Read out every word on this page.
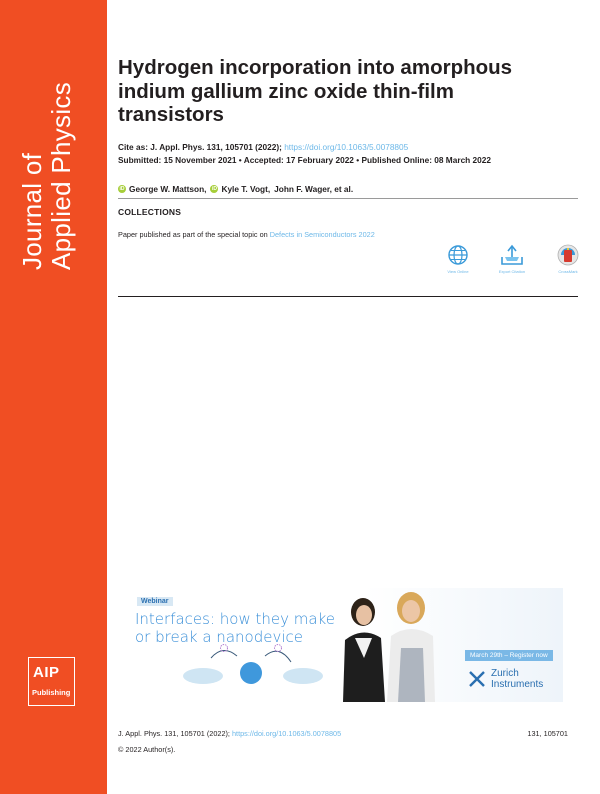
Journal of Applied Physics
AIP
Publishing
Hydrogen incorporation into amorphous indium gallium zinc oxide thin-film transistors
Cite as: J. Appl. Phys. 131, 105701 (2022); https://doi.org/10.1063/5.0078805
Submitted: 15 November 2021 • Accepted: 17 February 2022 • Published Online: 08 March 2022
iD George W. Mattson,	iD Kyle T. Vogt, John F. Wager, et al.
COLLECTIONS
Paper published as part of the special topic on Defects in Semiconductors 2022
View Online	Export Citation	CrossMark
Webinar
Interfaces: how they make
or break a nanodevice
March 29th – Register now
Zurich
Instruments
J. Appl. Phys. 131, 105701 (2022); https://doi.org/10.1063/5.0078805	131, 105701
© 2022 Author(s).
